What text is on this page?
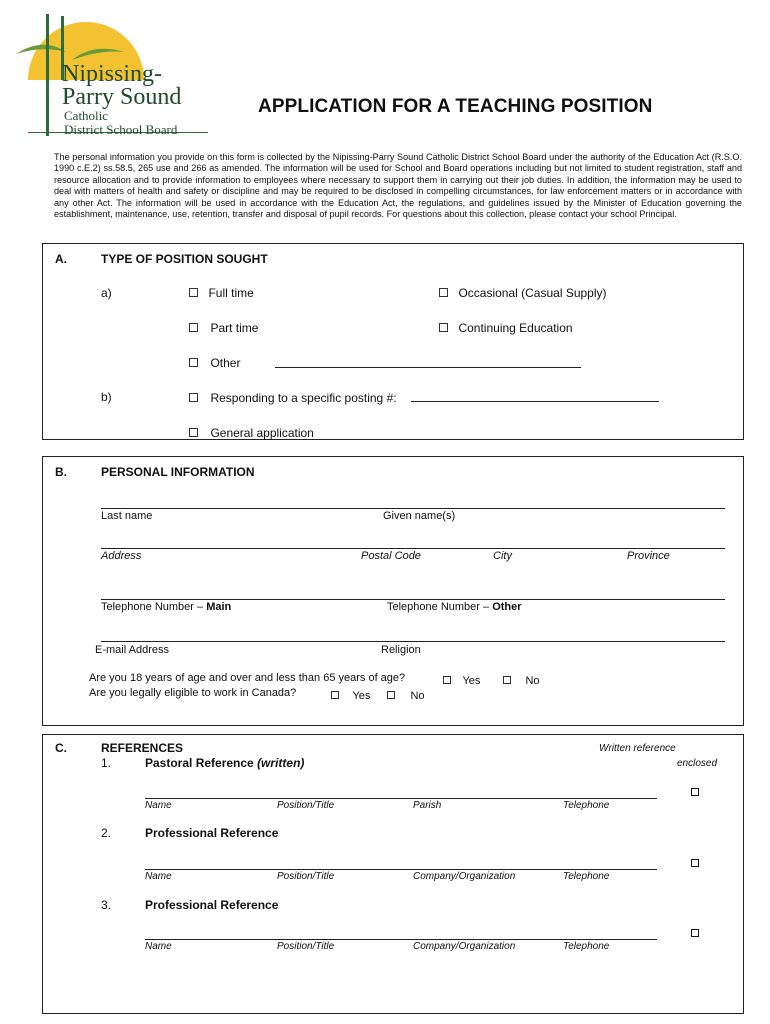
Nipissing-
Parry Sound
Catholic
District School Board
APPLICATION FOR A TEACHING POSITION
The personal information you provide on this form is collected by the Nipissing-Parry Sound Catholic District School Board under the authority of the Education Act (R.S.O. 1990 c.E.2) ss.58.5, 265 use and 266 as amended. The information will be used for School and Board operations including but not limited to student registration, staff and resource allocation and to provide information to employees where necessary to support them in carrying out their job duties. In addition, the information may be used to deal with matters of health and safety or discipline and may be required to be disclosed in compelling circumstances, for law enforcement matters or in accordance with any other Act. The information will be used in accordance with the Education Act, the regulations, and guidelines issued by the Minister of Education governing the establishment, maintenance, use, retention, transfer and disposal of pupil records. For questions about this collection, please contact your school Principal.
A.	TYPE OF POSITION SOUGHT
a)	Full time	Occasional (Casual Supply)
Part time	Continuing Education
Other
b)	Responding to a specific posting #:
General application
B.	PERSONAL INFORMATION
Last name	Given name(s)
Address	Postal Code	City	Province
Telephone Number – Main	Telephone Number – Other
E-mail Address	Religion
Are you 18 years of age and over and less than 65 years of age?	Yes	No
Are you legally eligible to work in Canada?	Yes	No
C.	REFERENCES	Written reference
enclosed
1.	Pastoral Reference (written)
Name	Position/Title	Parish	Telephone
2.	Professional Reference
Name	Position/Title	Company/Organization	Telephone
3.	Professional Reference
Name	Position/Title	Company/Organization	Telephone
